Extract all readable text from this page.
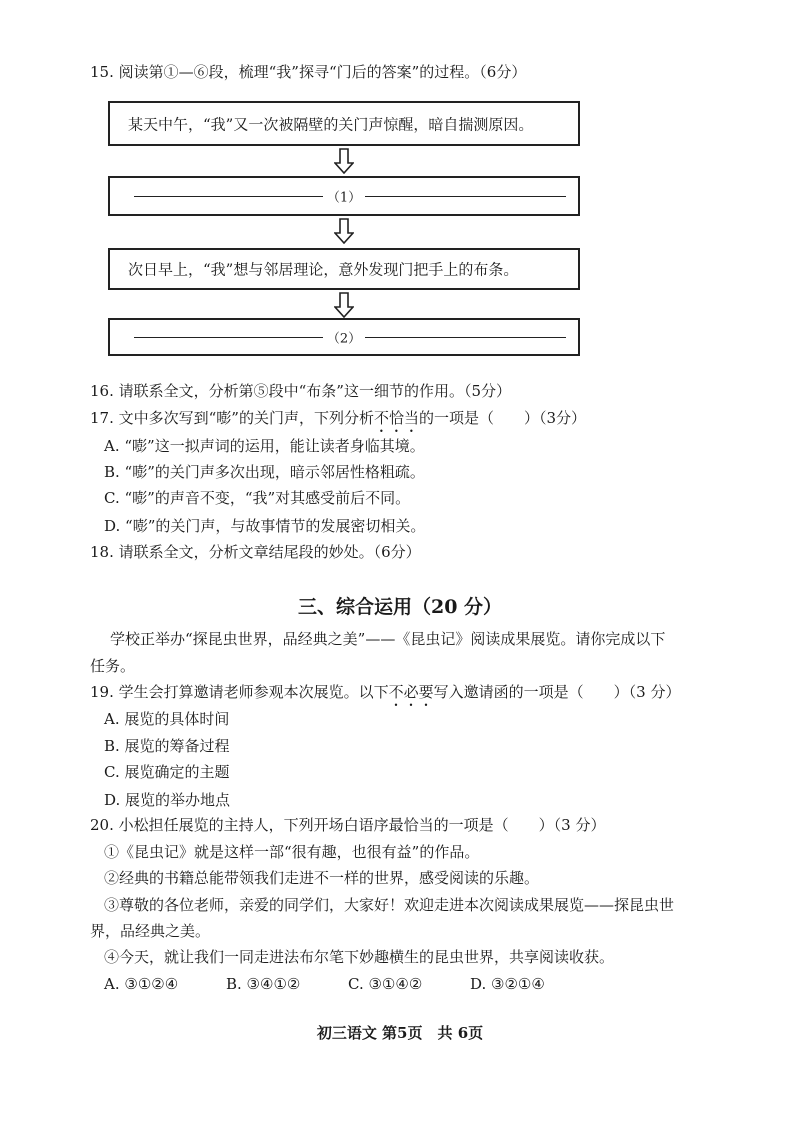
15. 阅读第①—⑥段，梳理“我”探寻“门后的答案”的过程。（6分）
某天中午，“我”又一次被隔壁的关门声惊醒，暗自揣测原因。
（1）
次日早上，“我”想与邻居理论，意外发现门把手上的布条。
（2）
16. 请联系全文，分析第⑤段中“布条”这一细节的作用。（5分）
17. 文中多次写到“嘭”的关门声，下列分析不恰当的一项是（　　）（3分）
A. “嘭”这一拟声词的运用，能让读者身临其境。
B. “嘭”的关门声多次出现，暗示邻居性格粗疏。
C. “嘭”的声音不变，“我”对其感受前后不同。
D. “嘭”的关门声，与故事情节的发展密切相关。
18. 请联系全文，分析文章结尾段的妙处。（6分）
三、综合运用（20 分）
学校正举办“探昆虫世界，品经典之美”——《昆虫记》阅读成果展览。请你完成以下
任务。
19. 学生会打算邀请老师参观本次展览。以下不必要写入邀请函的一项是（　　）（3 分）
A. 展览的具体时间
B. 展览的筹备过程
C. 展览确定的主题
D. 展览的举办地点
20. 小松担任展览的主持人，下列开场白语序最恰当的一项是（　　）（3 分）
①《昆虫记》就是这样一部“很有趣，也很有益”的作品。
②经典的书籍总能带领我们走进不一样的世界，感受阅读的乐趣。
③尊敬的各位老师，亲爱的同学们，大家好！欢迎走进本次阅读成果展览——探昆虫世
界，品经典之美。
④今天，就让我们一同走进法布尔笔下妙趣横生的昆虫世界，共享阅读收获。
A. ③①②④	B. ③④①②	C. ③①④②	D. ③②①④
初三语文 第5页　共 6页
